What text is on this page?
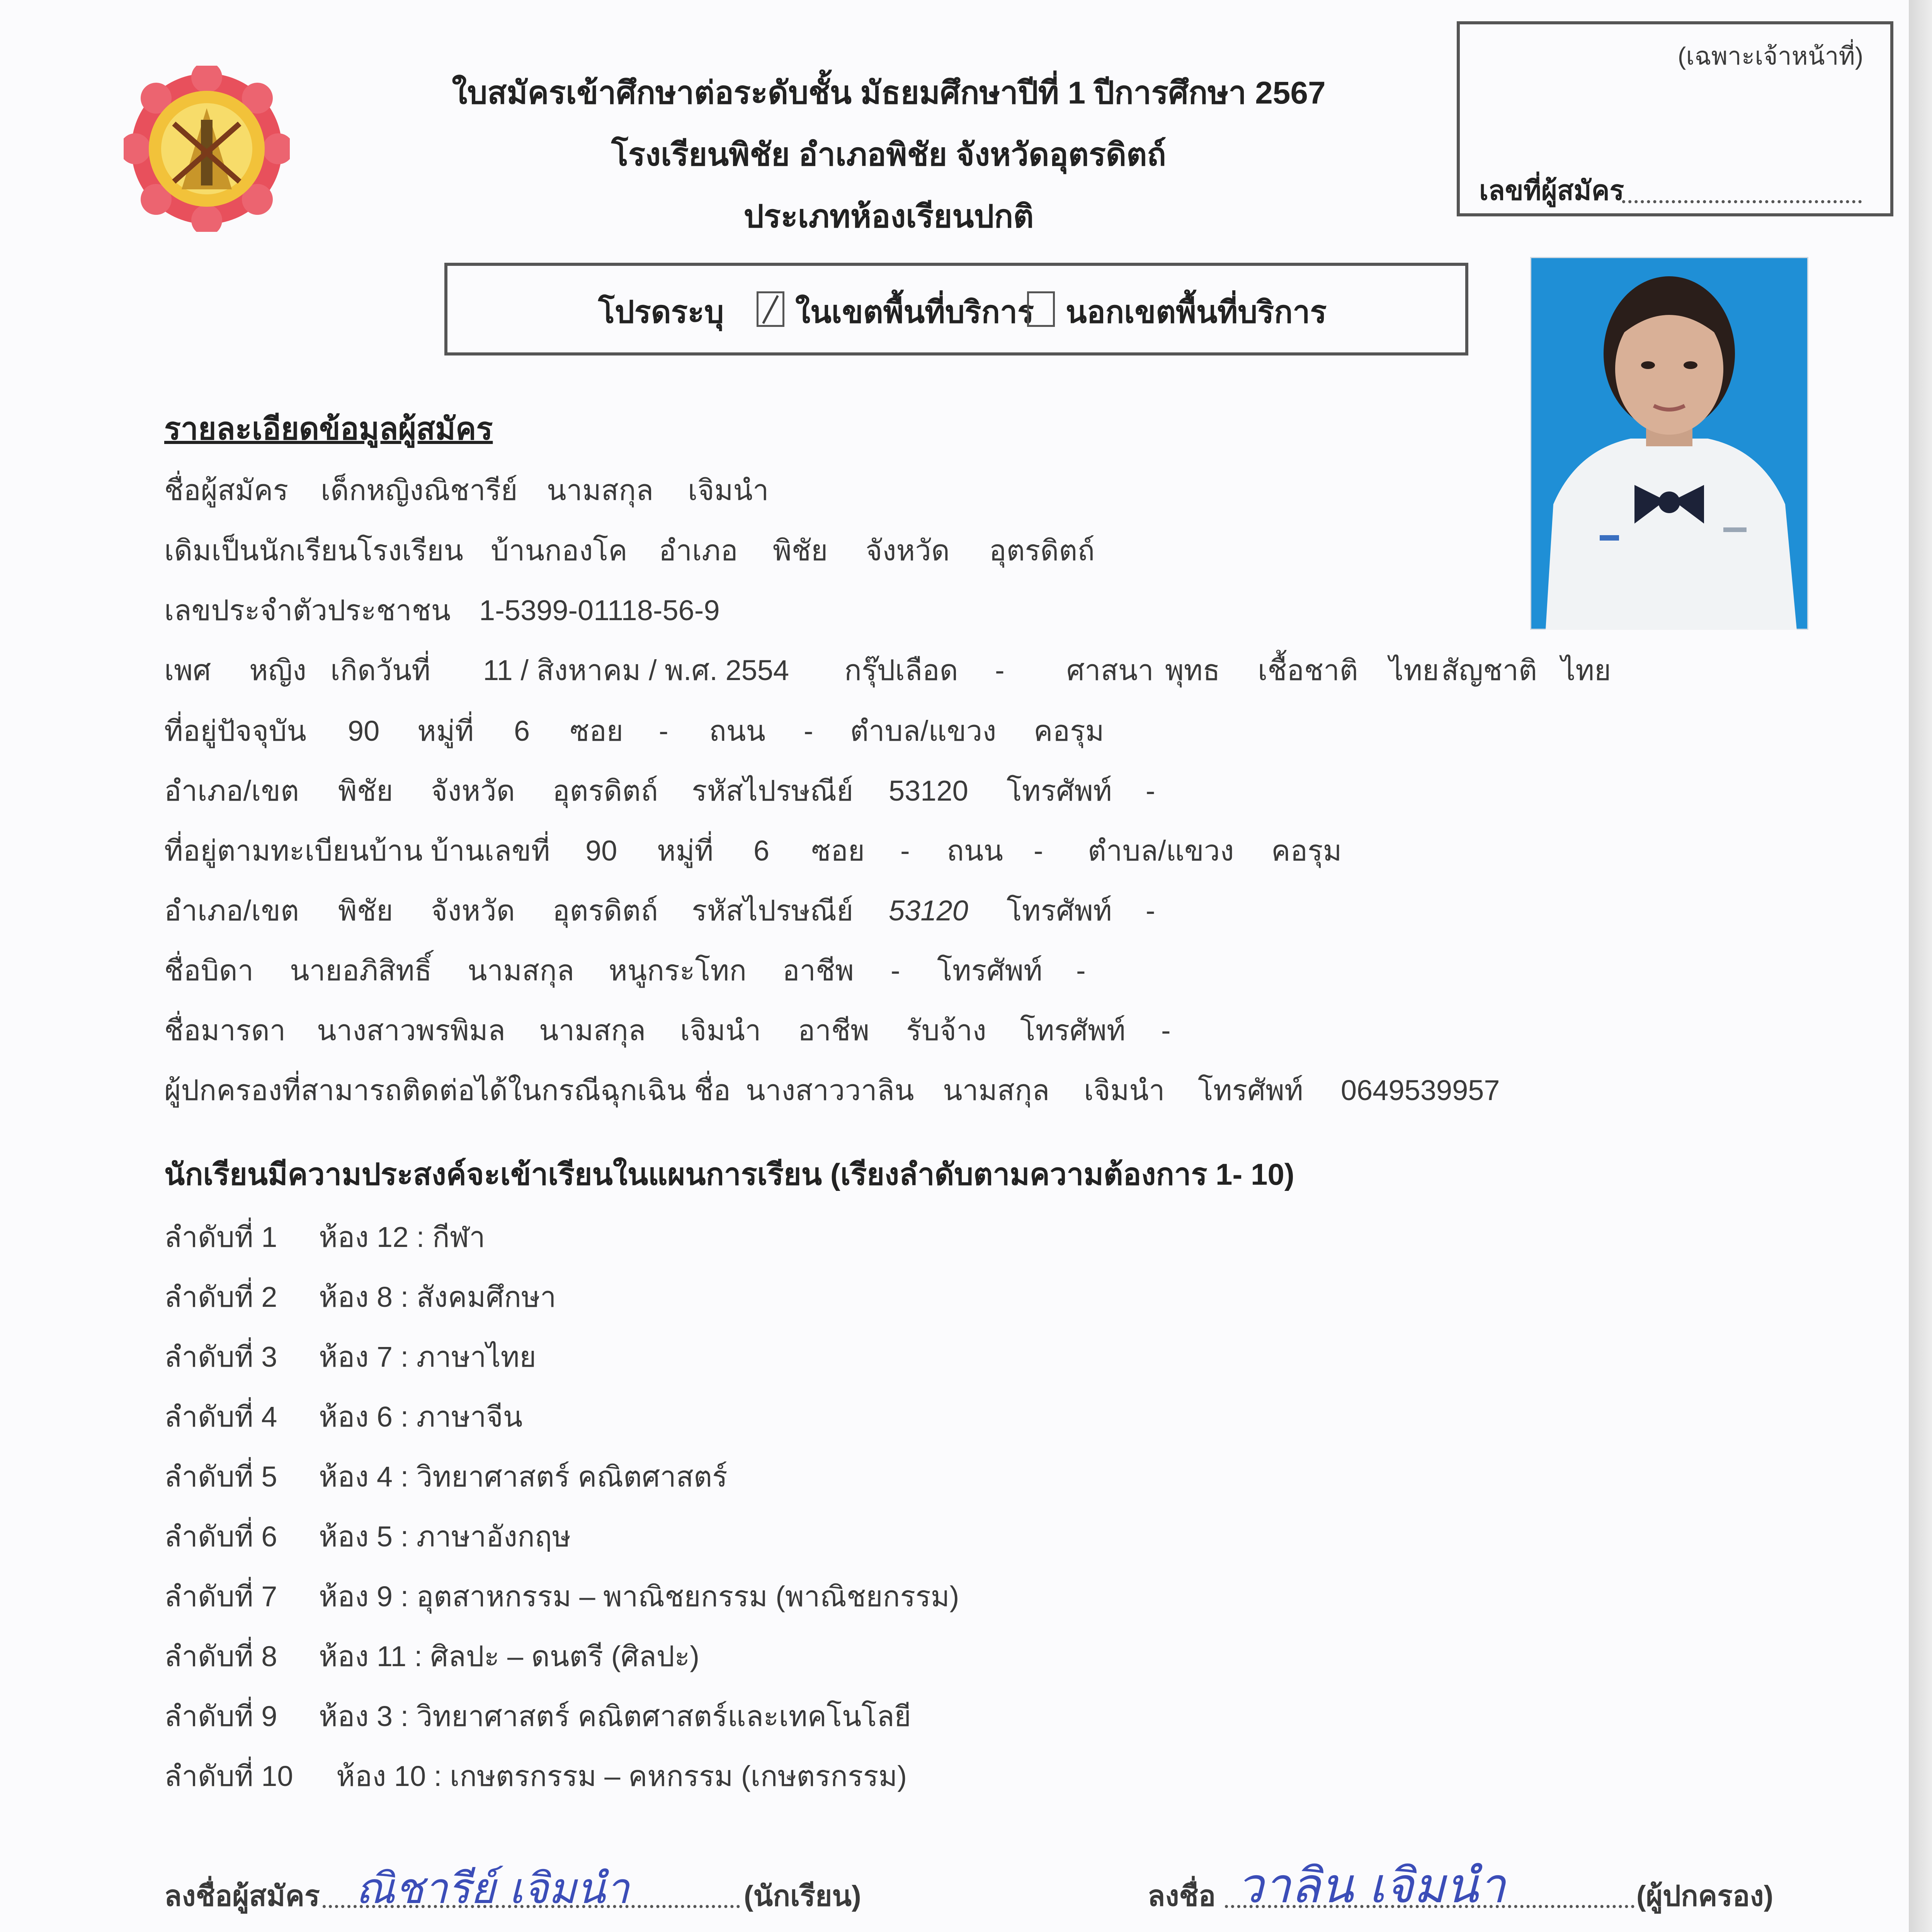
ใบสมัครเข้าศึกษาต่อระดับชั้น มัธยมศึกษาปีที่ 1 ปีการศึกษา 2567
โรงเรียนพิชัย อำเภอพิชัย จังหวัดอุตรดิตถ์
ประเภทห้องเรียนปกติ
(เฉพาะเจ้าหน้าที่)
เลขที่ผู้สมัคร
โปรดระบุ ในเขตพื้นที่บริการ นอกเขตพื้นที่บริการ
รายละเอียดข้อมูลผู้สมัคร
ชื่อผู้สมัคร เด็กหญิงณิชารีย์ นามสกุล เจิมนำ
เดิมเป็นนักเรียนโรงเรียน บ้านกองโค อำเภอ พิชัย จังหวัด อุตรดิตถ์
เลขประจำตัวประชาชน 1-5399-01118-56-9
เพศ หญิง เกิดวันที่ 11 / สิงหาคม / พ.ศ. 2554 กรุ๊ปเลือด - ศาสนา พุทธ เชื้อชาติ ไทย สัญชาติ ไทย
ที่อยู่ปัจจุบัน 90 หมู่ที่ 6 ซอย - ถนน - ตำบล/แขวง คอรุม
อำเภอ/เขต พิชัย จังหวัด อุตรดิตถ์ รหัสไปรษณีย์ 53120 โทรศัพท์ -
ที่อยู่ตามทะเบียนบ้าน บ้านเลขที่ 90 หมู่ที่ 6 ซอย - ถนน - ตำบล/แขวง คอรุม
อำเภอ/เขต พิชัย จังหวัด อุตรดิตถ์ รหัสไปรษณีย์ 53120 โทรศัพท์ -
ชื่อบิดา นายอภิสิทธิ์ นามสกุล หนูกระโทก อาชีพ - โทรศัพท์ -
ชื่อมารดา นางสาวพรพิมล นามสกุล เจิมนำ อาชีพ รับจ้าง โทรศัพท์ -
ผู้ปกครองที่สามารถติดต่อได้ในกรณีฉุกเฉิน ชื่อ นางสาววาลิน นามสกุล เจิมนำ โทรศัพท์ 0649539957
นักเรียนมีความประสงค์จะเข้าเรียนในแผนการเรียน (เรียงลำดับตามความต้องการ 1- 10)
ลำดับที่ 1 ห้อง 12 : กีฬา
ลำดับที่ 2 ห้อง 8 : สังคมศึกษา
ลำดับที่ 3 ห้อง 7 : ภาษาไทย
ลำดับที่ 4 ห้อง 6 : ภาษาจีน
ลำดับที่ 5 ห้อง 4 : วิทยาศาสตร์ คณิตศาสตร์
ลำดับที่ 6 ห้อง 5 : ภาษาอังกฤษ
ลำดับที่ 7 ห้อง 9 : อุตสาหกรรม – พาณิชยกรรม (พาณิชยกรรม)
ลำดับที่ 8 ห้อง 11 : ศิลปะ – ดนตรี (ศิลปะ)
ลำดับที่ 9 ห้อง 3 : วิทยาศาสตร์ คณิตศาสตร์และเทคโนโลยี
ลำดับที่ 10 ห้อง 10 : เกษตรกรรม – คหกรรม (เกษตรกรรม)
ลงชื่อผู้สมัคร ณิชารีย์ เจิมนำ	(นักเรียน)	ลงชื่อ วาลิน เจิมนำ	(ผู้ปกครอง)
